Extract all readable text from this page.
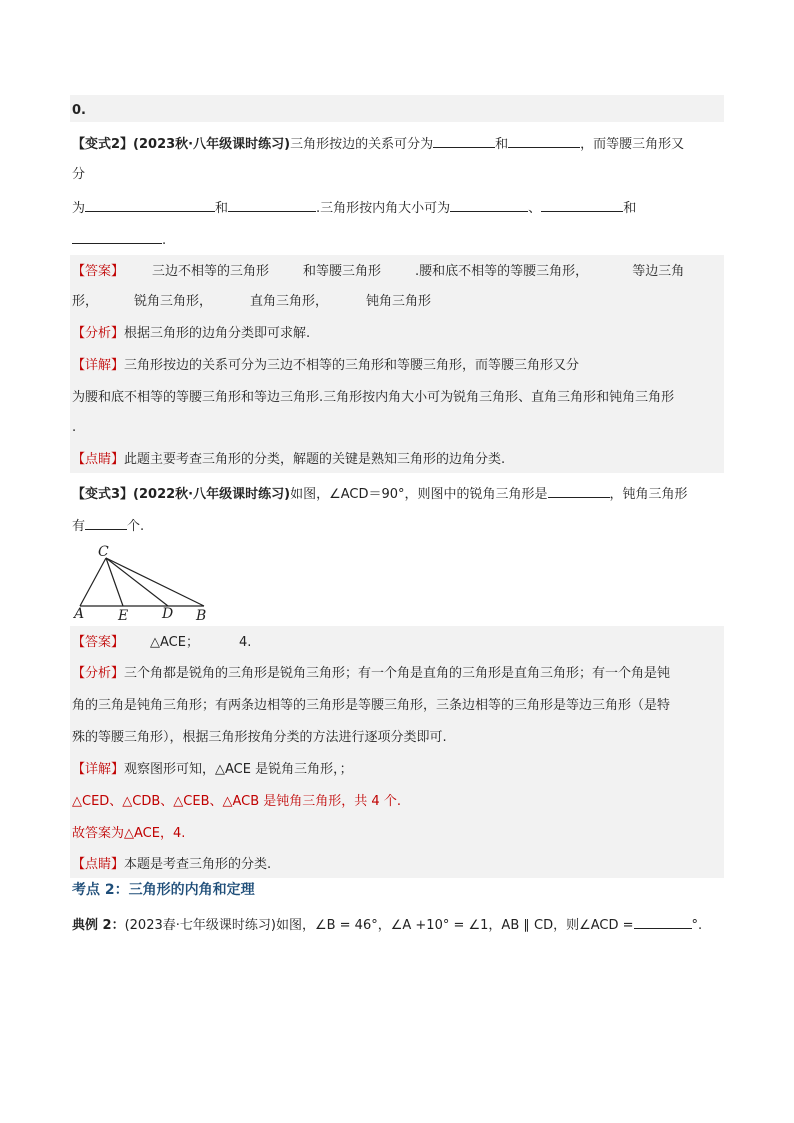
0.
【变式2】(2023秋·八年级课时练习)三角形按边的关系可分为	和	，而等腰三角形又
分
为	和	.三角形按内角大小可为	、	和
.
【答案】 三边不相等的三角形	和等腰三角形	.腰和底不相等的等腰三角形，	等边三角
形，	锐角三角形，	直角三角形，	钝角三角形
【分析】根据三角形的边角分类即可求解.
【详解】三角形按边的关系可分为三边不相等的三角形和等腰三角形，而等腰三角形又分
为腰和底不相等的等腰三角形和等边三角形.三角形按内角大小可为锐角三角形、直角三角形和钝角三角形
.
【点睛】此题主要考查三角形的分类，解题的关键是熟知三角形的边角分类.
【变式3】(2022秋·八年级课时练习)如图，∠ACD＝90°，则图中的锐角三角形是	，钝角三角形
有	个.
C
A E D B
【答案】 △ACE；	4.
【分析】三个角都是锐角的三角形是锐角三角形；有一个角是直角的三角形是直角三角形；有一个角是钝
角的三角是钝角三角形；有两条边相等的三角形是等腰三角形，三条边相等的三角形是等边三角形（是特
殊的等腰三角形），根据三角形按角分类的方法进行逐项分类即可.
【详解】观察图形可知，△ACE 是锐角三角形，；
△CED、△CDB、△CEB、△ACB 是钝角三角形，共 4 个.
故答案为△ACE，4.
【点睛】本题是考查三角形的分类.
考点 2：三角形的内角和定理
典例 2：(2023春·七年级课时练习)如图，∠B = 46°，∠A +10° = ∠1，AB ∥ CD，则∠ACD =	°.
